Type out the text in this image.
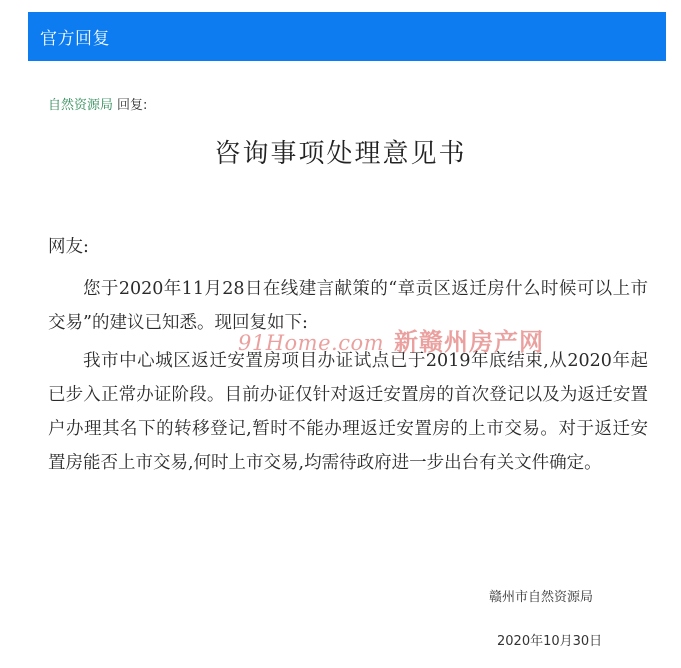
官方回复
自然资源局 回复:
咨询事项处理意见书

网友:

您于2020年11月28日在线建言献策的“章贡区返迁房什么时候可以上市交易”的建议已知悉。现回复如下:

我市中心城区返迁安置房项目办证试点已于2019年底结束,从2020年起已步入正常办证阶段。目前办证仅针对返迁安置房的首次登记以及为返迁安置户办理其名下的转移登记,暂时不能办理返迁安置房的上市交易。对于返迁安置房能否上市交易,何时上市交易,均需待政府进一步出台有关文件确定。

91Home.com 新赣州房产网
赣州市自然资源局
2020年10月30日
